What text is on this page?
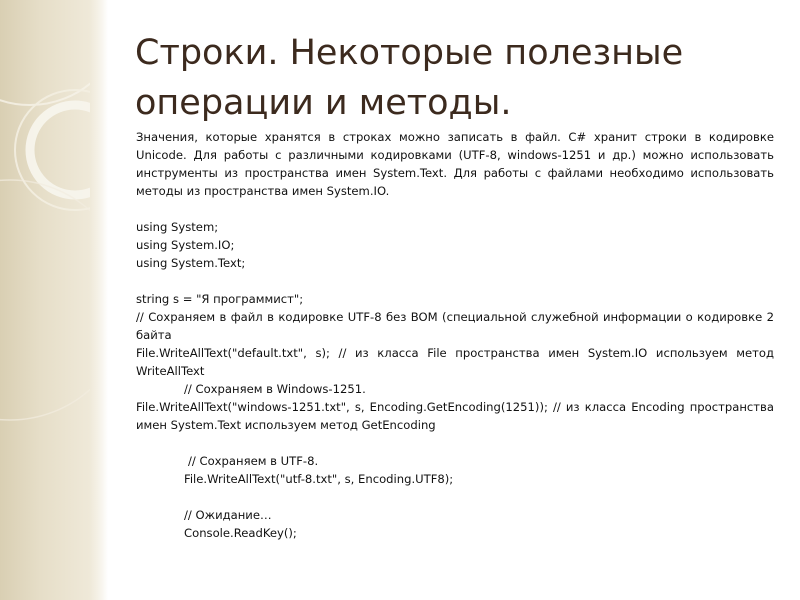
Строки. Некоторые полезные
операции и методы.

Значения, которые хранятся в строках можно записать в файл. C# хранит строки в кодировке Unicode. Для работы с различными кодировками (UTF-8, windows-1251 и др.) можно использовать инструменты из пространства имен System.Text. Для работы с файлами необходимо использовать методы из пространства имен System.IO.

using System;

using System.IO;

using System.Text;

string s = "Я программист";

// Сохраняем в файл в кодировке UTF-8 без BOM (специальной служебной информации о кодировке 2 байта

File.WriteAllText("default.txt", s); // из класса File пространства имен System.IO используем метод WriteAllText

// Сохраняем в Windows-1251.

File.WriteAllText("windows-1251.txt", s, Encoding.GetEncoding(1251)); // из класса Encoding пространства имен System.Text используем метод GetEncoding

// Сохраняем в UTF-8.

File.WriteAllText("utf-8.txt", s, Encoding.UTF8);

// Ожидание…

Console.ReadKey();
